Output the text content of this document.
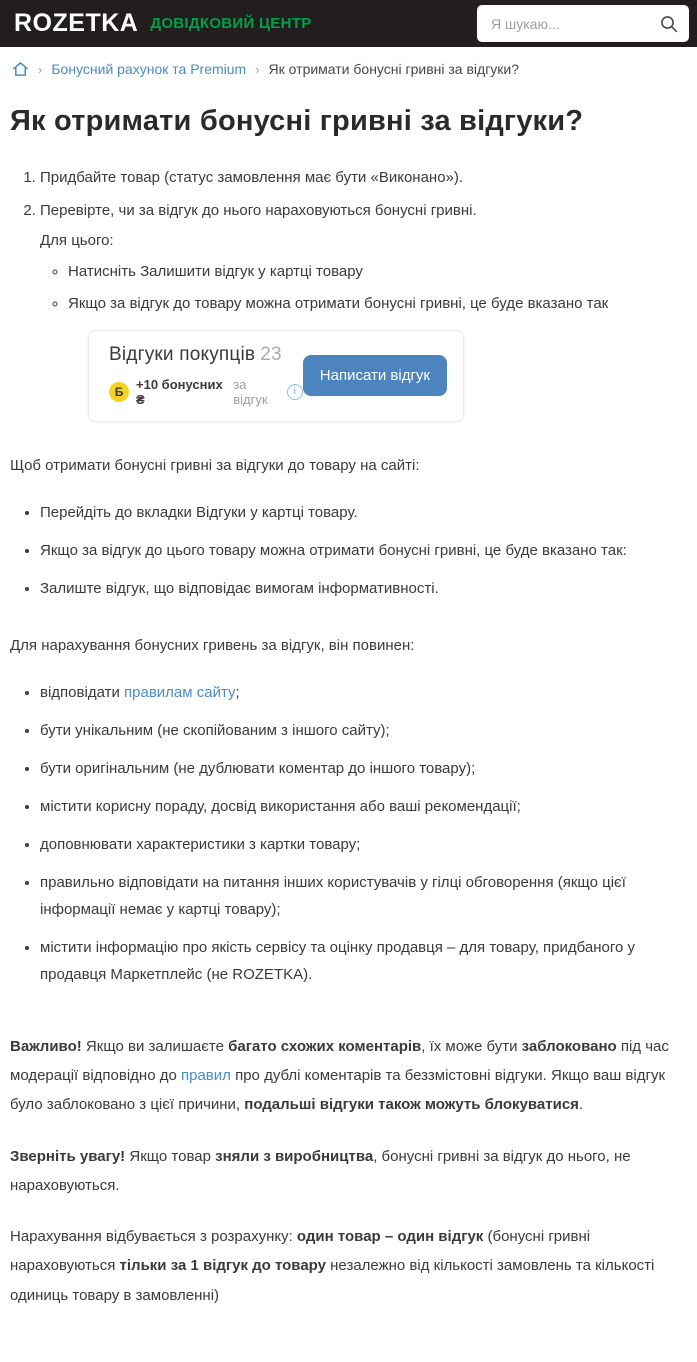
ROZETKA ДОВІДКОВИЙ ЦЕНТР
Я шукаю...
› Бонусний рахунок та Premium › Як отримати бонусні гривні за відгуки?
Як отримати бонусні гривні за відгуки?
1. Придбайте товар (статус замовлення має бути «Виконано»).
2. Перевірте, чи за відгук до нього нараховуються бонусні гривні.

Для цього:

◦ Натисніть Залишити відгук у картці товару
◦ Якщо за відгук до товару можна отримати бонусні гривні, це буде вказано так
Відгуки покупців 23
Б +10 бонусних ₴
за відгук	i
Написати відгук

Щоб отримати бонусні гривні за відгуки до товару на сайті:

• Перейдіть до вкладки Відгуки у картці товару.
• Якщо за відгук до цього товару можна отримати бонусні гривні, це буде вказано так:
• Залиште відгук, що відповідає вимогам інформативності.

Для нарахування бонусних гривень за відгук, він повинен:

• відповідати правилам сайту;
• бути унікальним (не скопійованим з іншого сайту);
• бути оригінальним (не дублювати коментар до іншого товару);
• містити корисну пораду, досвід використання або ваші рекомендації;
• доповнювати характеристики з картки товару;
• правильно відповідати на питання інших користувачів у гілці обговорення (якщо цієї інформації немає у картці товару);
• містити інформацію про якість сервісу та оцінку продавця – для товару, придбаного у продавця Маркетплейс (не ROZETKA).

Важливо! Якщо ви залишаєте багато схожих коментарів, їх може бути заблоковано під час модерації відповідно до правил про дублі коментарів та беззмістовні відгуки. Якщо ваш відгук було заблоковано з цієї причини, подальші відгуки також можуть блокуватися.

Зверніть увагу! Якщо товар зняли з виробництва, бонусні гривні за відгук до нього, не нараховуються.

Нарахування відбувається з розрахунку: один товар – один відгук (бонусні гривні нараховуються тільки за 1 відгук до товару незалежно від кількості замовлень та кількості одиниць товару в замовленні)
